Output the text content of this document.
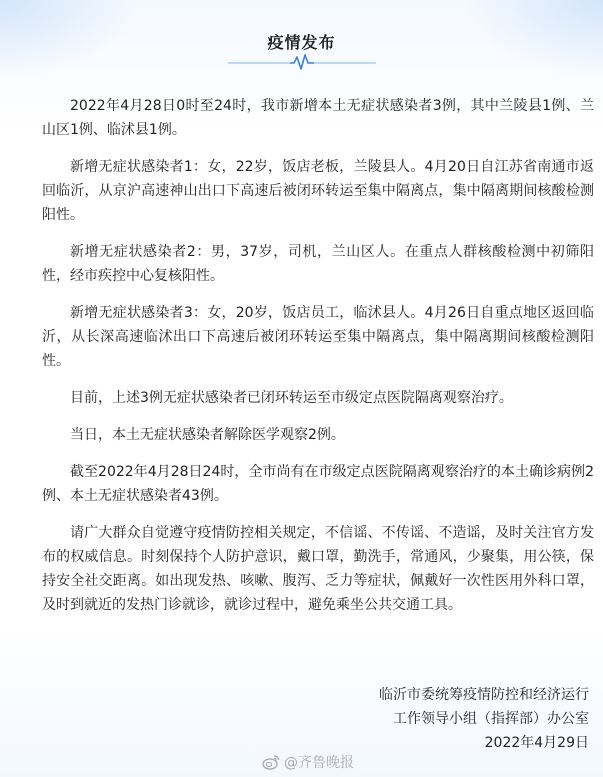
疫情发布

2022年4月28日0时至24时，我市新增本土无症状感染者3例，其中兰陵县1例、兰山区1例、临沭县1例。

新增无症状感染者1：女，22岁，饭店老板，兰陵县人。4月20日自江苏省南通市返回临沂，从京沪高速神山出口下高速后被闭环转运至集中隔离点，集中隔离期间核酸检测阳性。

新增无症状感染者2：男，37岁，司机，兰山区人。在重点人群核酸检测中初筛阳性，经市疾控中心复核阳性。

新增无症状感染者3：女，20岁，饭店员工，临沭县人。4月26日自重点地区返回临沂，从长深高速临沭出口下高速后被闭环转运至集中隔离点，集中隔离期间核酸检测阳性。

目前，上述3例无症状感染者已闭环转运至市级定点医院隔离观察治疗。

当日，本土无症状感染者解除医学观察2例。

截至2022年4月28日24时，全市尚有在市级定点医院隔离观察治疗的本土确诊病例2例、本土无症状感染者43例。

请广大群众自觉遵守疫情防控相关规定，不信谣、不传谣、不造谣，及时关注官方发布的权威信息。时刻保持个人防护意识，戴口罩，勤洗手，常通风，少聚集，用公筷，保持安全社交距离。如出现发热、咳嗽、腹泻、乏力等症状，佩戴好一次性医用外科口罩，及时到就近的发热门诊就诊，就诊过程中，避免乘坐公共交通工具。

临沂市委统筹疫情防控和经济运行
工作领导小组（指挥部）办公室
2022年4月29日
@齐鲁晚报
